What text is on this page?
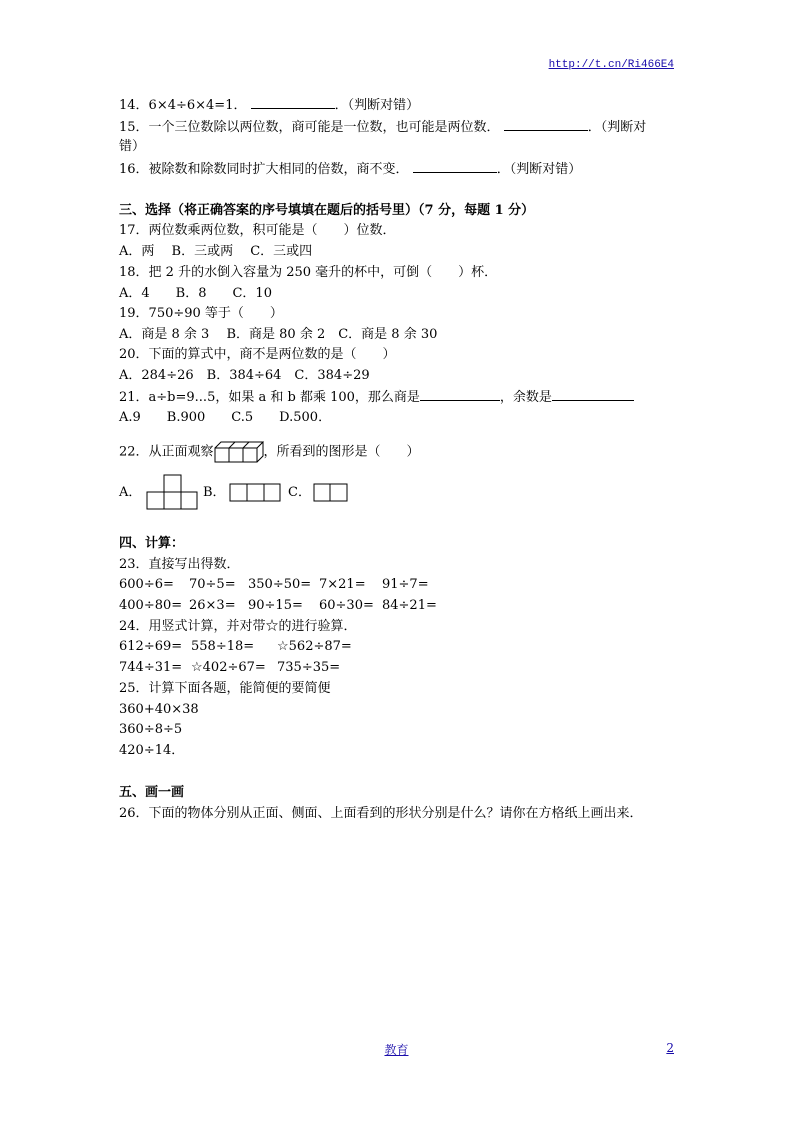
http://t.cn/Ri466E4
14．6×4÷6×4=1．	．（判断对错）
15．一个三位数除以两位数，商可能是一位数，也可能是两位数．	．（判断对
错）
16．被除数和除数同时扩大相同的倍数，商不变．	．（判断对错）
三、选择（将正确答案的序号填填在题后的括号里）（7 分，每题 1 分）
17．两位数乘两位数，积可能是（　　）位数．
A．两　 B．三或两　 C．三或四
18．把 2 升的水倒入容量为 250 毫升的杯中，可倒（　　）杯．
A．4　　B．8　　C．10
19．750÷90 等于（　　）
A．商是 8 余 3　 B．商是 80 余 2　C．商是 8 余 30
20．下面的算式中，商不是两位数的是（　　）
A．284÷26　B．384÷64　C．384÷29
21．a÷b=9...5，如果 a 和 b 都乘 100，那么商是	，余数是
A.9　　B.900　　C.5　　D.500．
22．从正面观察	，所看到的图形是（　　）
A．	B．	C．
四、计算：
23．直接写出得数．
600÷6= 70÷5= 350÷50= 7×21= 91÷7=
400÷80= 26×3= 90÷15= 60÷30= 84÷21=
24．用竖式计算，并对带☆的进行验算．
612÷69= 558÷18= ☆562÷87=
744÷31= ☆402÷67= 735÷35=
25．计算下面各题，能简便的要简便
360+40×38
360÷8÷5
420÷14．
五、画一画
26．下面的物体分别从正面、侧面、上面看到的形状分别是什么？请你在方格纸上画出来．
教育	2
